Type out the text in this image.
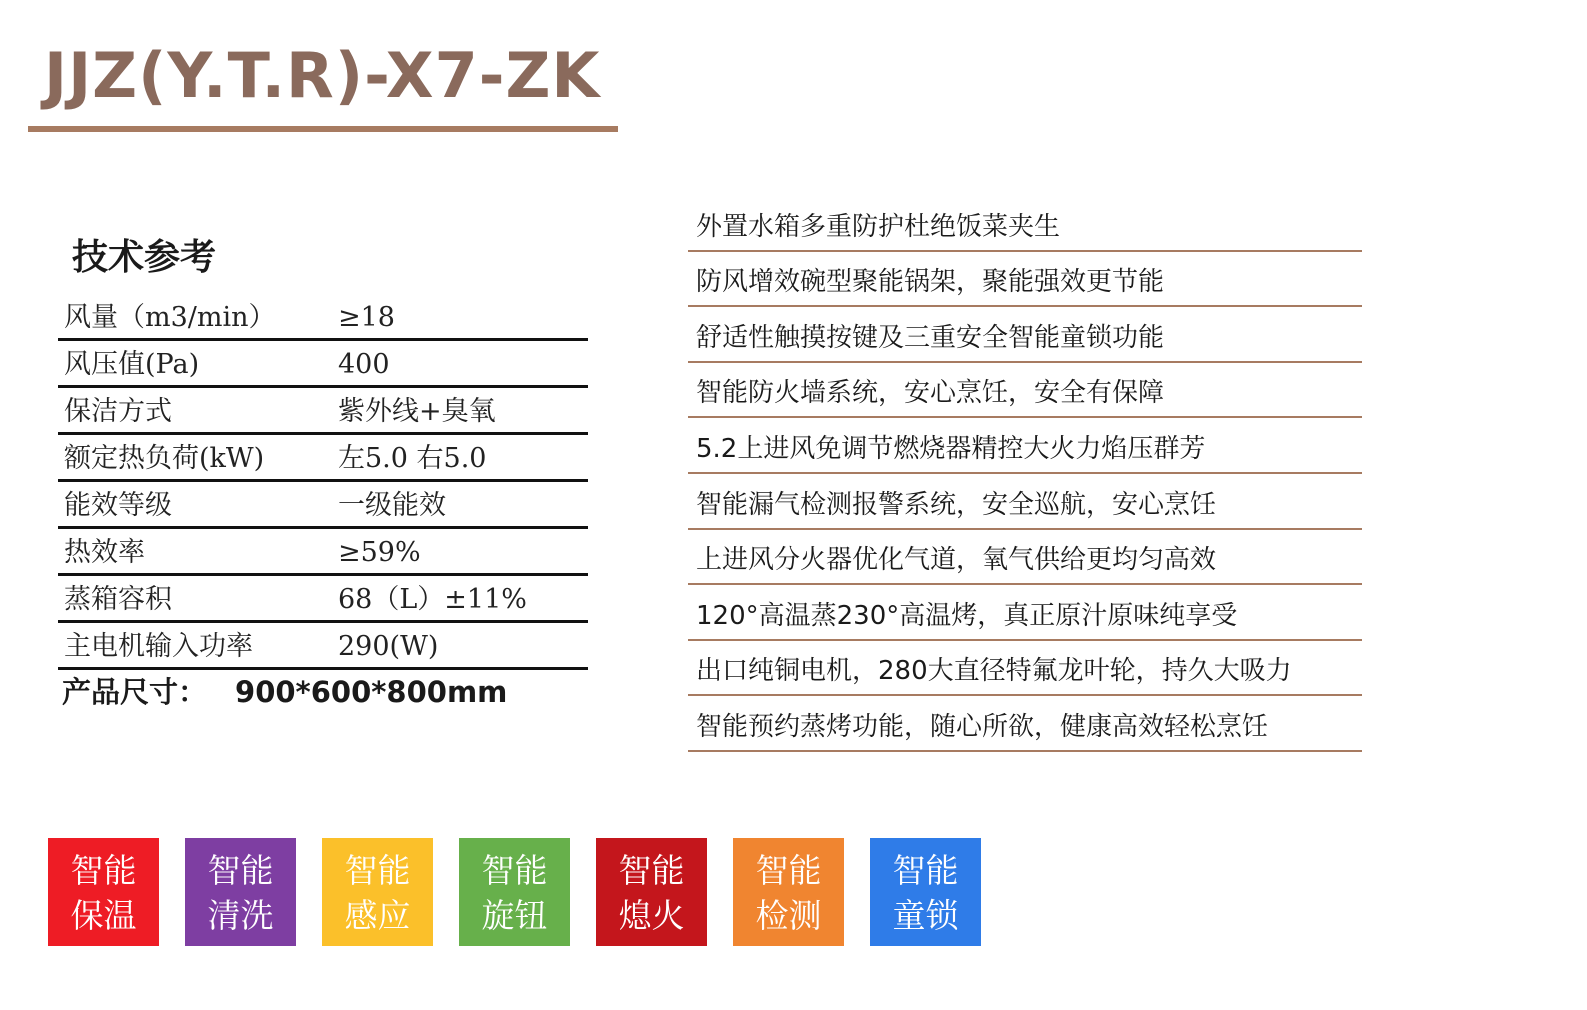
JJZ(Y.T.R)-X7-ZK
技术参考
风量（m3/min） ≥18
风压值(Pa)	400
保洁方式	紫外线+臭氧
额定热负荷(kW)	左5.0 右5.0
能效等级	一级能效
热效率	≥59%
蒸箱容积	68（L）±11%
主电机输入功率	290(W)
产品尺寸： 900*600*800mm
外置水箱多重防护杜绝饭菜夹生
防风增效碗型聚能锅架，聚能强效更节能
舒适性触摸按键及三重安全智能童锁功能
智能防火墙系统，安心烹饪，安全有保障
5.2上进风免调节燃烧器精控大火力焰压群芳
智能漏气检测报警系统，安全巡航，安心烹饪
上进风分火器优化气道，氧气供给更均匀高效
120°高温蒸230°高温烤，真正原汁原味纯享受
出口纯铜电机，280大直径特氟龙叶轮，持久大吸力
智能预约蒸烤功能，随心所欲，健康高效轻松烹饪
智能
保温
智能
清洗
智能
感应
智能
旋钮
智能
熄火
智能
检测
智能
童锁
